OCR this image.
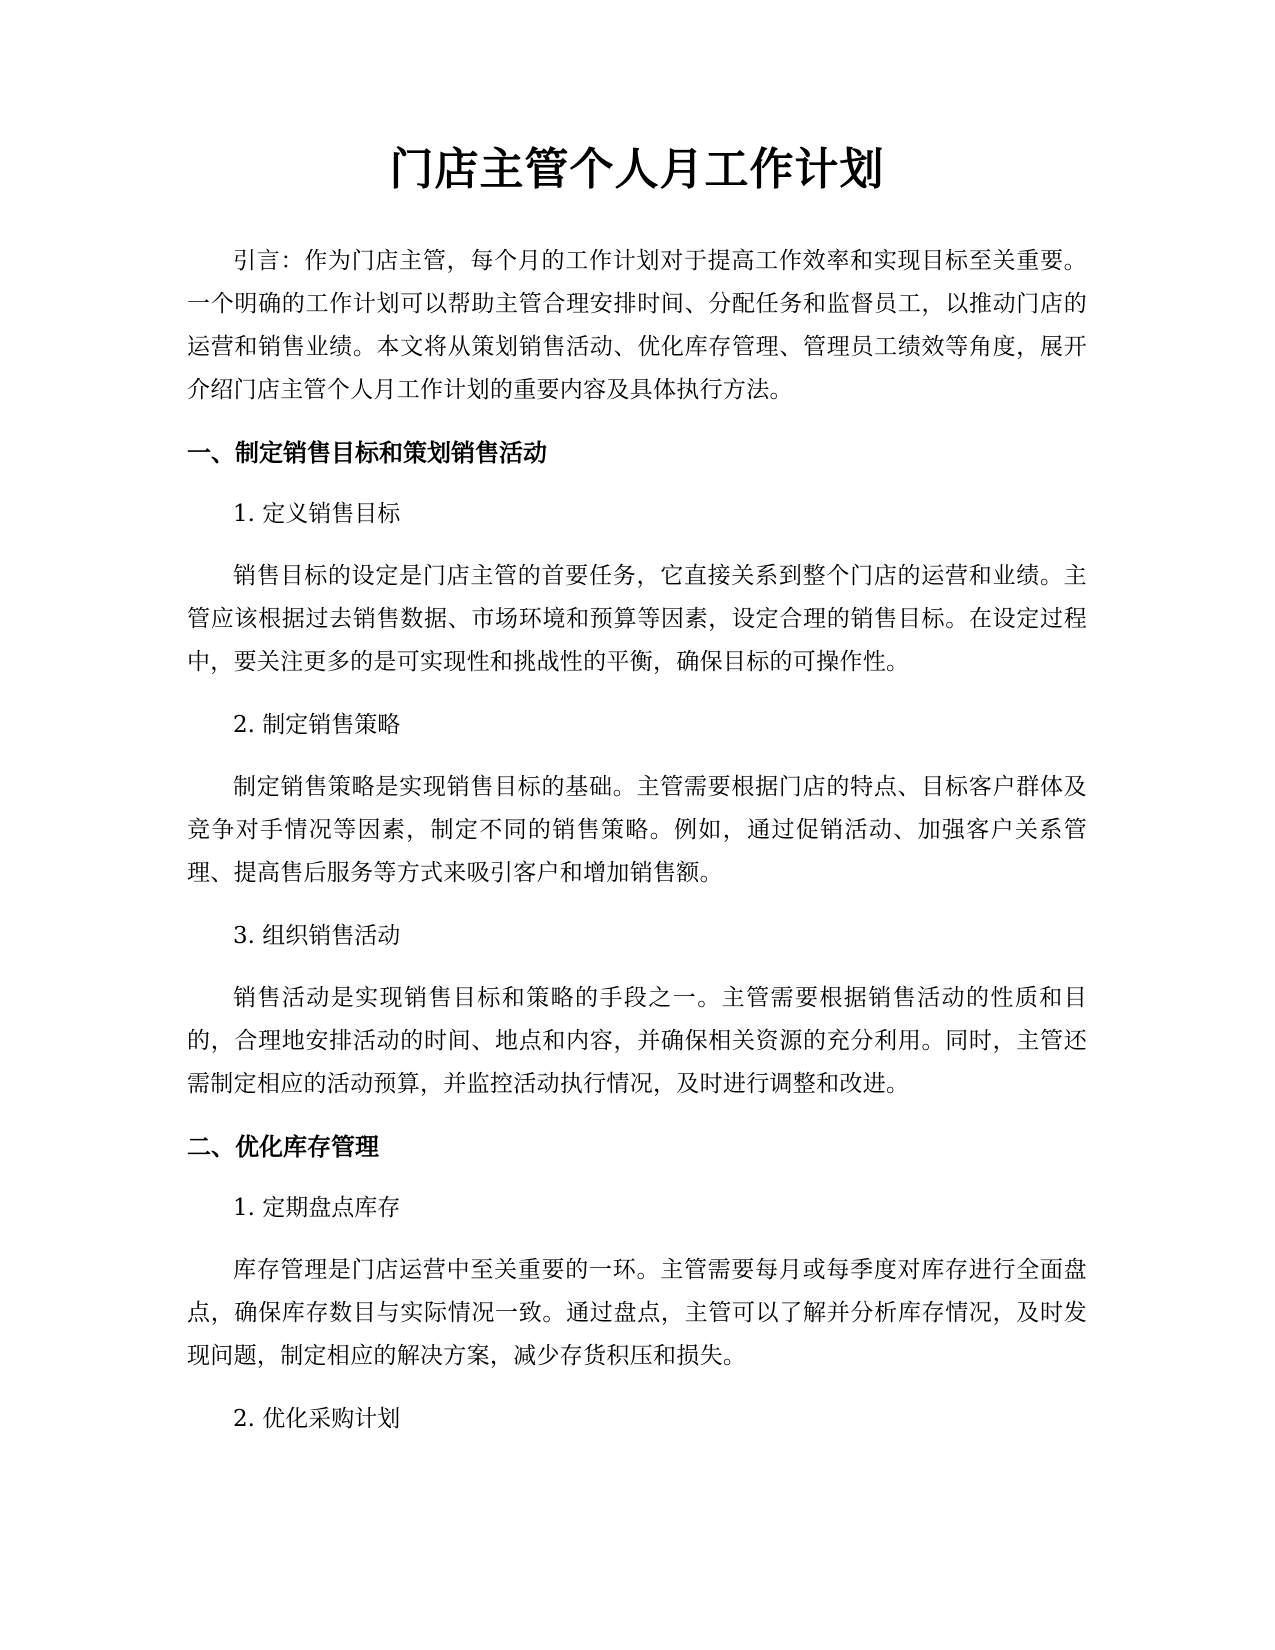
门店主管个人月工作计划

引言：作为门店主管，每个月的工作计划对于提高工作效率和实现目标至关重要。一个明确的工作计划可以帮助主管合理安排时间、分配任务和监督员工，以推动门店的运营和销售业绩。本文将从策划销售活动、优化库存管理、管理员工绩效等角度，展开介绍门店主管个人月工作计划的重要内容及具体执行方法。

一、制定销售目标和策划销售活动

1. 定义销售目标

销售目标的设定是门店主管的首要任务，它直接关系到整个门店的运营和业绩。主管应该根据过去销售数据、市场环境和预算等因素，设定合理的销售目标。在设定过程中，要关注更多的是可实现性和挑战性的平衡，确保目标的可操作性。

2. 制定销售策略

制定销售策略是实现销售目标的基础。主管需要根据门店的特点、目标客户群体及竞争对手情况等因素，制定不同的销售策略。例如，通过促销活动、加强客户关系管理、提高售后服务等方式来吸引客户和增加销售额。

3. 组织销售活动

销售活动是实现销售目标和策略的手段之一。主管需要根据销售活动的性质和目的，合理地安排活动的时间、地点和内容，并确保相关资源的充分利用。同时，主管还需制定相应的活动预算，并监控活动执行情况，及时进行调整和改进。

二、优化库存管理

1. 定期盘点库存

库存管理是门店运营中至关重要的一环。主管需要每月或每季度对库存进行全面盘点，确保库存数目与实际情况一致。通过盘点，主管可以了解并分析库存情况，及时发现问题，制定相应的解决方案，减少存货积压和损失。

2. 优化采购计划
